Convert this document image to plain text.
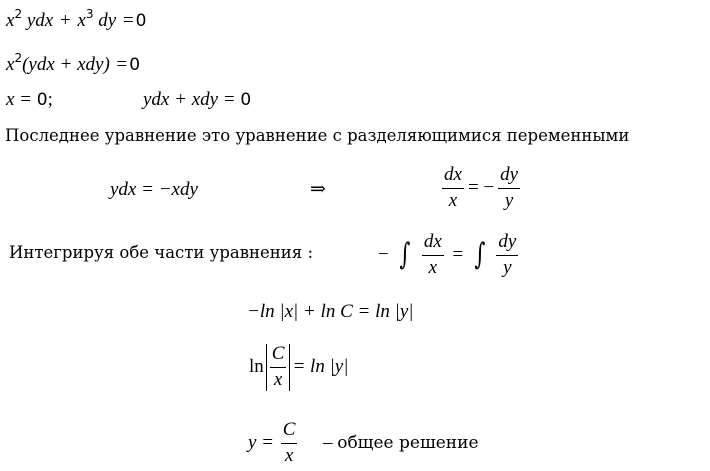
$x^2$ ydx + $x^3$ dy = 0
$x^2(ydx + xdy) = 0$
x = 0;	ydx + xdy = 0
Последнее уравнение это уравнение с разделяющимися переменными
ydx = −xdy	⇒	$\frac{dx}{x}$ = − $\frac{dy}{y}$
Интегрируя обе части уравнения :	− ∫ $\frac{dx}{x}$ = ∫ $\frac{dy}{y}$
−ln |x| + ln C = ln |y|
$\ln \frac{C}{x} = \ln |y|$
$y = \frac{C}{x}$ – общее решение
